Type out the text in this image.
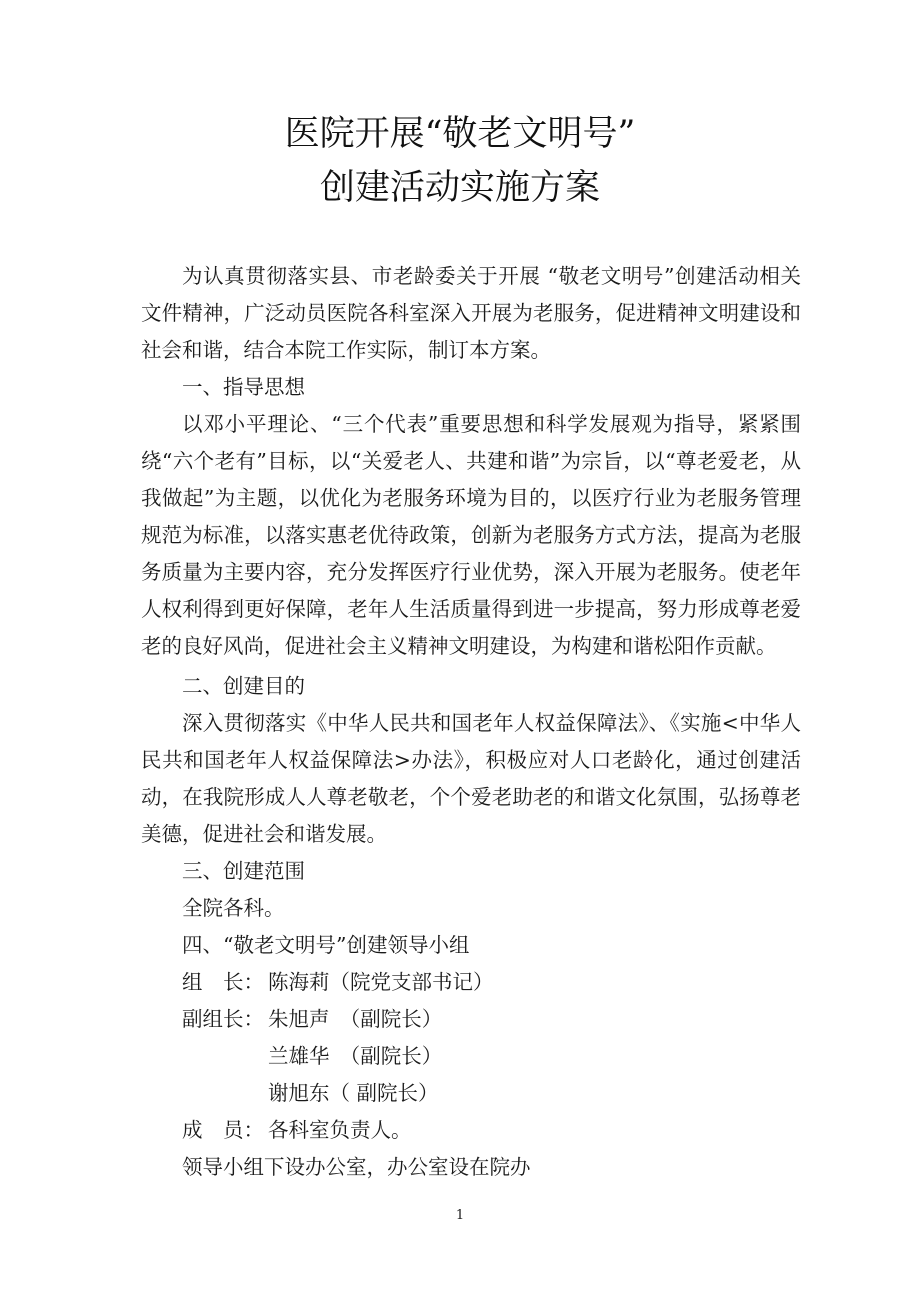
医院开展“敬老文明号”
创建活动实施方案

为认真贯彻落实县、市老龄委关于开展 “敬老文明号”创建活动相关文件精神，广泛动员医院各科室深入开展为老服务，促进精神文明建设和社会和谐，结合本院工作实际，制订本方案。

一、指导思想

以邓小平理论、“三个代表”重要思想和科学发展观为指导，紧紧围绕“六个老有”目标，以“关爱老人、共建和谐”为宗旨，以“尊老爱老，从我做起”为主题，以优化为老服务环境为目的，以医疗行业为老服务管理规范为标准，以落实惠老优待政策，创新为老服务方式方法，提高为老服务质量为主要内容，充分发挥医疗行业优势，深入开展为老服务。使老年人权利得到更好保障，老年人生活质量得到进一步提高，努力形成尊老爱老的良好风尚，促进社会主义精神文明建设，为构建和谐松阳作贡献。

二、创建目的

深入贯彻落实《中华人民共和国老年人权益保障法》、《实施<中华人民共和国老年人权益保障法>办法》，积极应对人口老龄化，通过创建活动，在我院形成人人尊老敬老，个个爱老助老的和谐文化氛围，弘扬尊老美德，促进社会和谐发展。

三、创建范围

全院各科。

四、“敬老文明号”创建领导小组

组　长： 陈海莉（院党支部书记）

副组长： 朱旭声　（副院长）

兰雄华　（副院长）

谢旭东（ 副院长）

成　员： 各科室负责人。

领导小组下设办公室，办公室设在院办

1
